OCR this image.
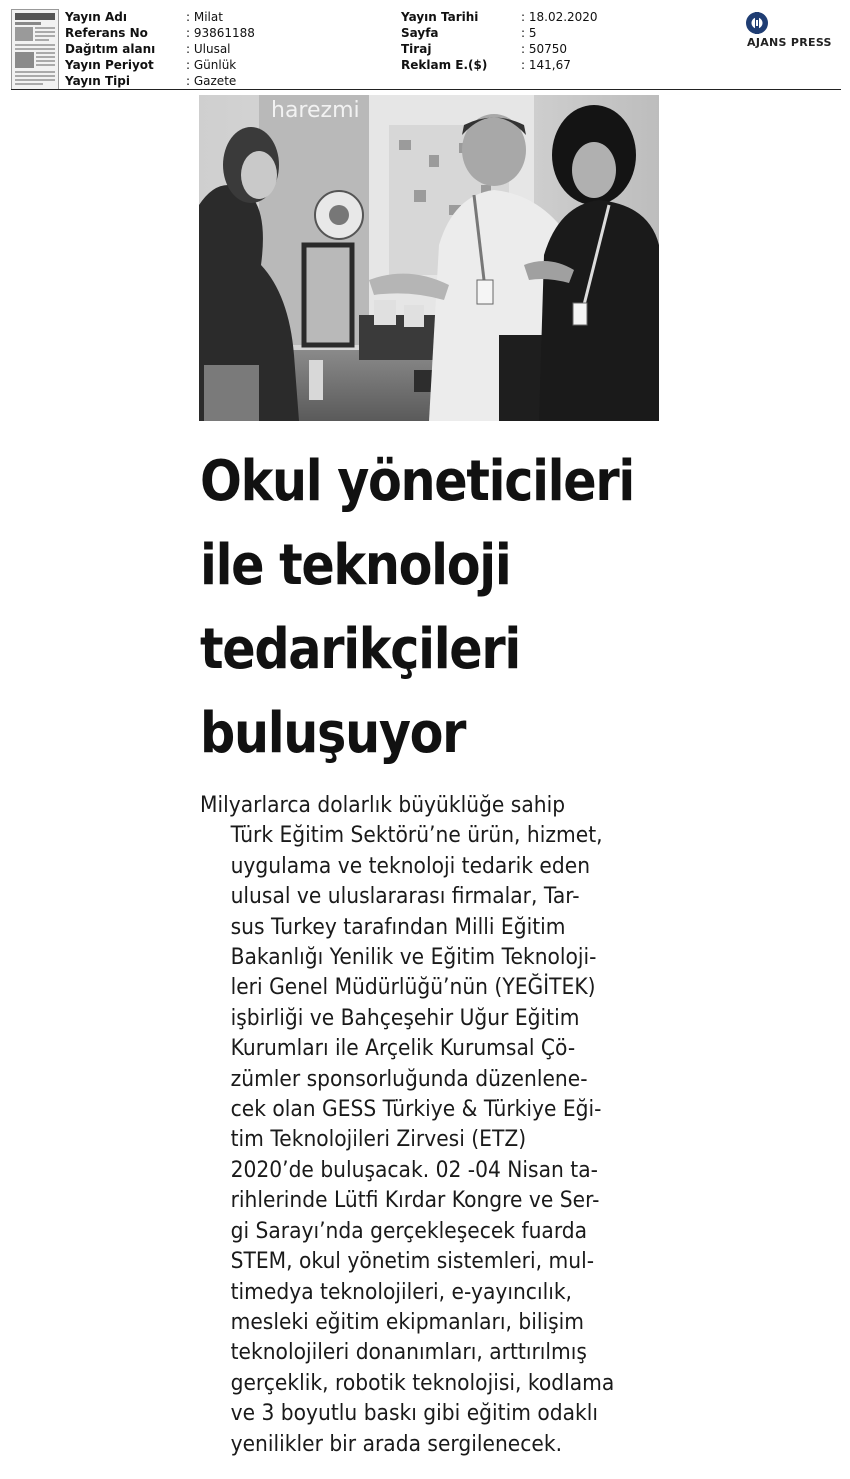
Yayın Adı	: Milat
Referans No	: 93861188
Dağıtım alanı	: Ulusal
Yayın Periyot	: Günlük
Yayın Tipi	: Gazete
Yayın Tarihi	: 18.02.2020
Sayfa	: 5
Tiraj	: 50750
Reklam E.($)	: 141,67
AJANS PRESS
harezmi
Okul yöneticileri
ile teknoloji
tedarikçileri
buluşuyor
Milyarlarca dolarlık büyüklüğe sahip
Türk Eğitim Sektörü’ne ürün, hizmet,
uygulama ve teknoloji tedarik eden
ulusal ve uluslararası firmalar, Tar-
sus Turkey tarafından Milli Eğitim
Bakanlığı Yenilik ve Eğitim Teknoloji-
leri Genel Müdürlüğü’nün (YEĞİTEK)
işbirliği ve Bahçeşehir Uğur Eğitim
Kurumları ile Arçelik Kurumsal Çö-
zümler sponsorluğunda düzenlene-
cek olan GESS Türkiye & Türkiye Eği-
tim Teknolojileri Zirvesi (ETZ)
2020’de buluşacak. 02 -04 Nisan ta-
rihlerinde Lütfi Kırdar Kongre ve Ser-
gi Sarayı’nda gerçekleşecek fuarda
STEM, okul yönetim sistemleri, mul-
timedya teknolojileri, e-yayıncılık,
mesleki eğitim ekipmanları, bilişim
teknolojileri donanımları, arttırılmış
gerçeklik, robotik teknolojisi, kodlama
ve 3 boyutlu baskı gibi eğitim odaklı
yenilikler bir arada sergilenecek.
